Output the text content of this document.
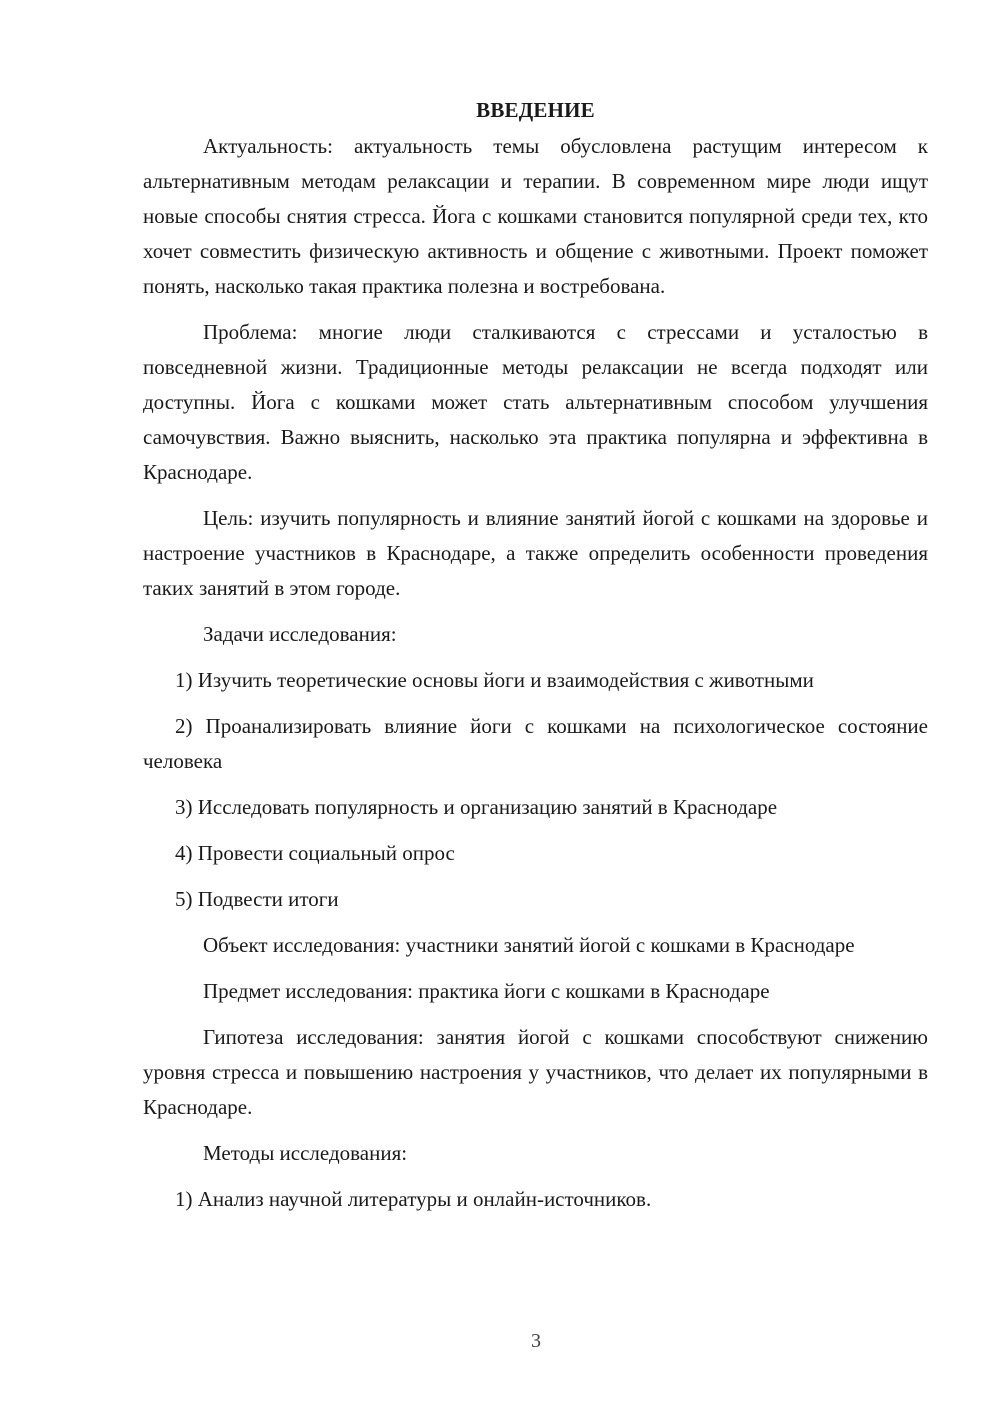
ВВЕДЕНИЕ

Актуальность: актуальность темы обусловлена растущим интересом к альтернативным методам релаксации и терапии. В современном мире люди ищут новые способы снятия стресса. Йога с кошками становится популярной среди тех, кто хочет совместить физическую активность и общение с животными. Проект поможет понять, насколько такая практика полезна и востребована.

Проблема: многие люди сталкиваются с стрессами и усталостью в повседневной жизни. Традиционные методы релаксации не всегда подходят или доступны. Йога с кошками может стать альтернативным способом улучшения самочувствия. Важно выяснить, насколько эта практика популярна и эффективна в Краснодаре.

Цель: изучить популярность и влияние занятий йогой с кошками на здоровье и настроение участников в Краснодаре, а также определить особенности проведения таких занятий в этом городе.

Задачи исследования:

1) Изучить теоретические основы йоги и взаимодействия с животными

2) Проанализировать влияние йоги с кошками на психологическое состояние человека

3) Исследовать популярность и организацию занятий в Краснодаре

4) Провести социальный опрос

5) Подвести итоги

Объект исследования: участники занятий йогой с кошками в Краснодаре

Предмет исследования: практика йоги с кошками в Краснодаре

Гипотеза исследования: занятия йогой с кошками способствуют снижению уровня стресса и повышению настроения у участников, что делает их популярными в Краснодаре.

Методы исследования:

1) Анализ научной литературы и онлайн-источников.

3
